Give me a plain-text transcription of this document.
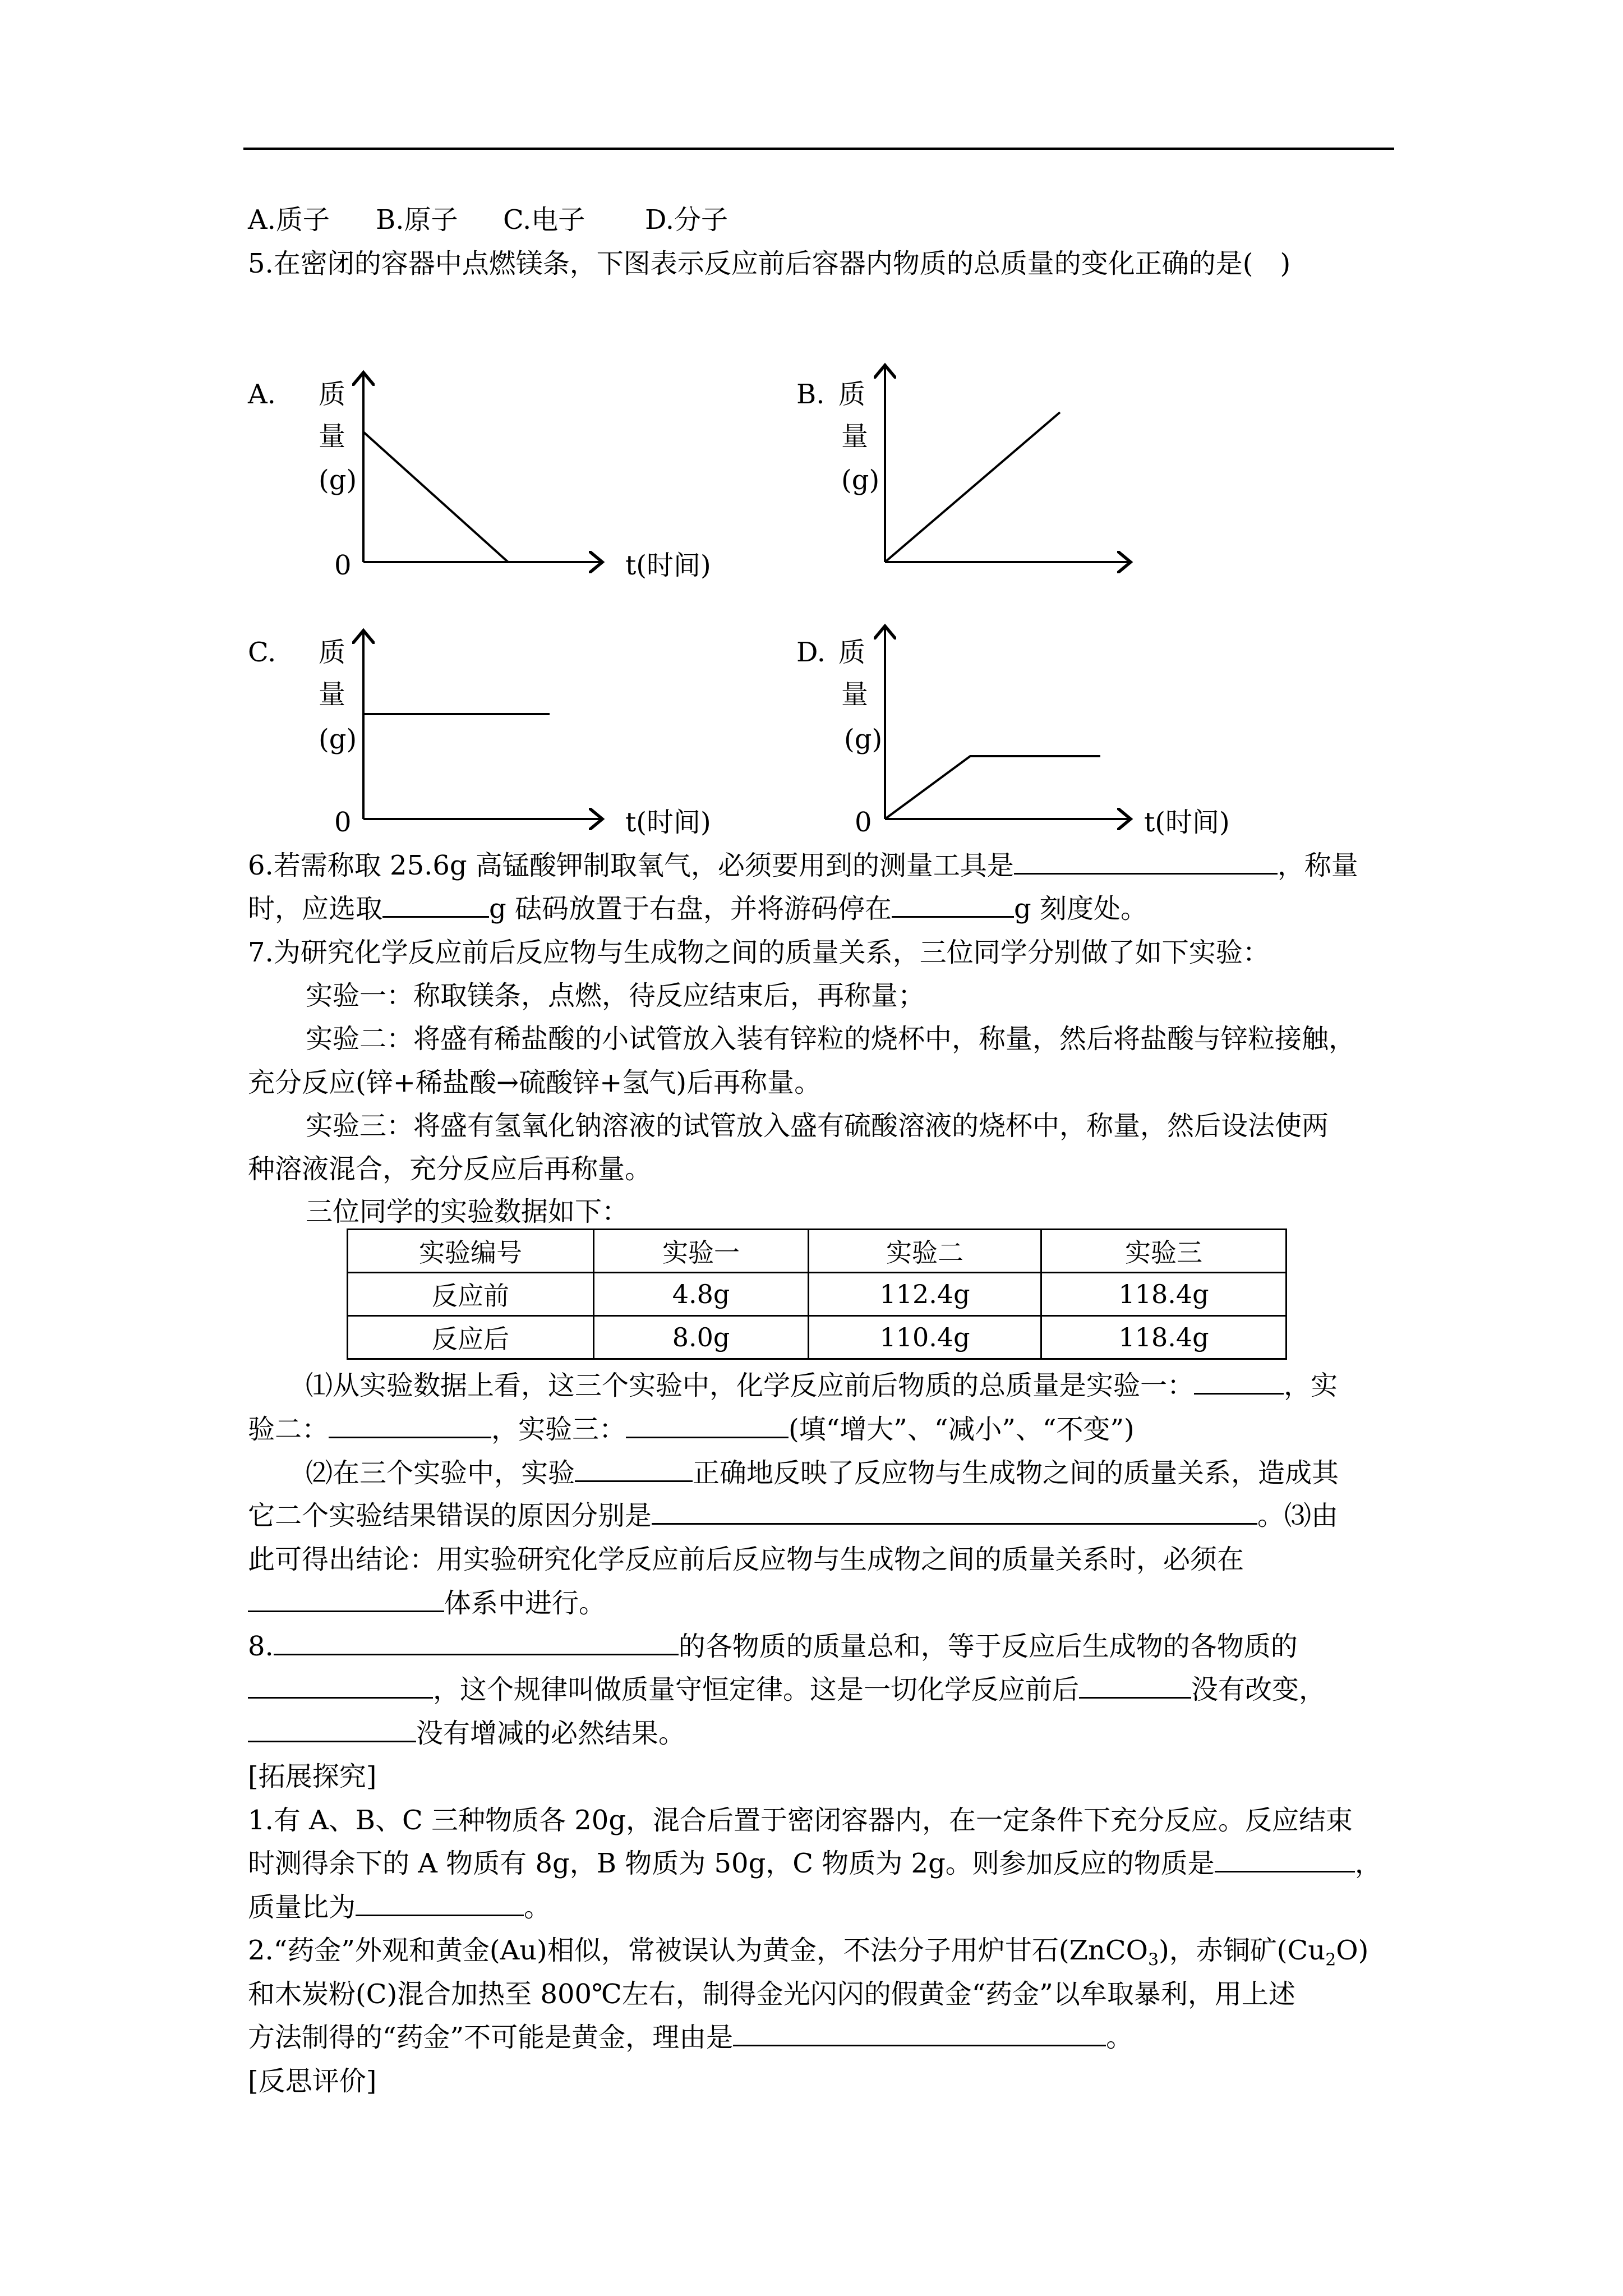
A.质子 B.原子 C.电子 D.分子
5.在密闭的容器中点燃镁条，下图表示反应前后容器内物质的总质量的变化正确的是(　)
A. 质
量
(g)
0	t(时间)
B. 质
量
(g)
C. 质
量
(g)
0	t(时间)
D. 质
量
(g)
0	t(时间)
6.若需称取 25.6g 高锰酸钾制取氧气，必须要用到的测量工具是	，称量
时，应选取	g 砝码放置于右盘，并将游码停在	g 刻度处。
7.为研究化学反应前后反应物与生成物之间的质量关系，三位同学分别做了如下实验：
实验一：称取镁条，点燃，待反应结束后，再称量；
实验二：将盛有稀盐酸的小试管放入装有锌粒的烧杯中，称量，然后将盐酸与锌粒接触，
充分反应(锌+稀盐酸→硫酸锌+氢气)后再称量。
实验三：将盛有氢氧化钠溶液的试管放入盛有硫酸溶液的烧杯中，称量，然后设法使两
种溶液混合，充分反应后再称量。
三位同学的实验数据如下：
实验编号	实验一	实验二	实验三
反应前	4.8g	112.4g	118.4g
反应后	8.0g	110.4g	118.4g
⑴从实验数据上看，这三个实验中，化学反应前后物质的总质量是实验一：	，实
验二：	，实验三：	(填“增大”、“减小”、“不变”)
⑵在三个实验中，实验	正确地反映了反应物与生成物之间的质量关系，造成其
它二个实验结果错误的原因分别是	。⑶由
此可得出结论：用实验研究化学反应前后反应物与生成物之间的质量关系时，必须在
体系中进行。
8.	的各物质的质量总和，等于反应后生成物的各物质的
，这个规律叫做质量守恒定律。这是一切化学反应前后	没有改变，
没有增减的必然结果。
[拓展探究]
1.有 A、B、C 三种物质各 20g，混合后置于密闭容器内，在一定条件下充分反应。反应结束
时测得余下的 A 物质有 8g，B 物质为 50g，C 物质为 2g。则参加反应的物质是	，
质量比为	。
2.“药金”外观和黄金(Au)相似，常被误认为黄金，不法分子用炉甘石(ZnCO$_3$)，赤铜矿$(Cu_2O)$
和木炭粉(C)混合加热至 800℃左右，制得金光闪闪的假黄金“药金”以牟取暴利，用上述
方法制得的“药金”不可能是黄金，理由是	。
[反思评价]
